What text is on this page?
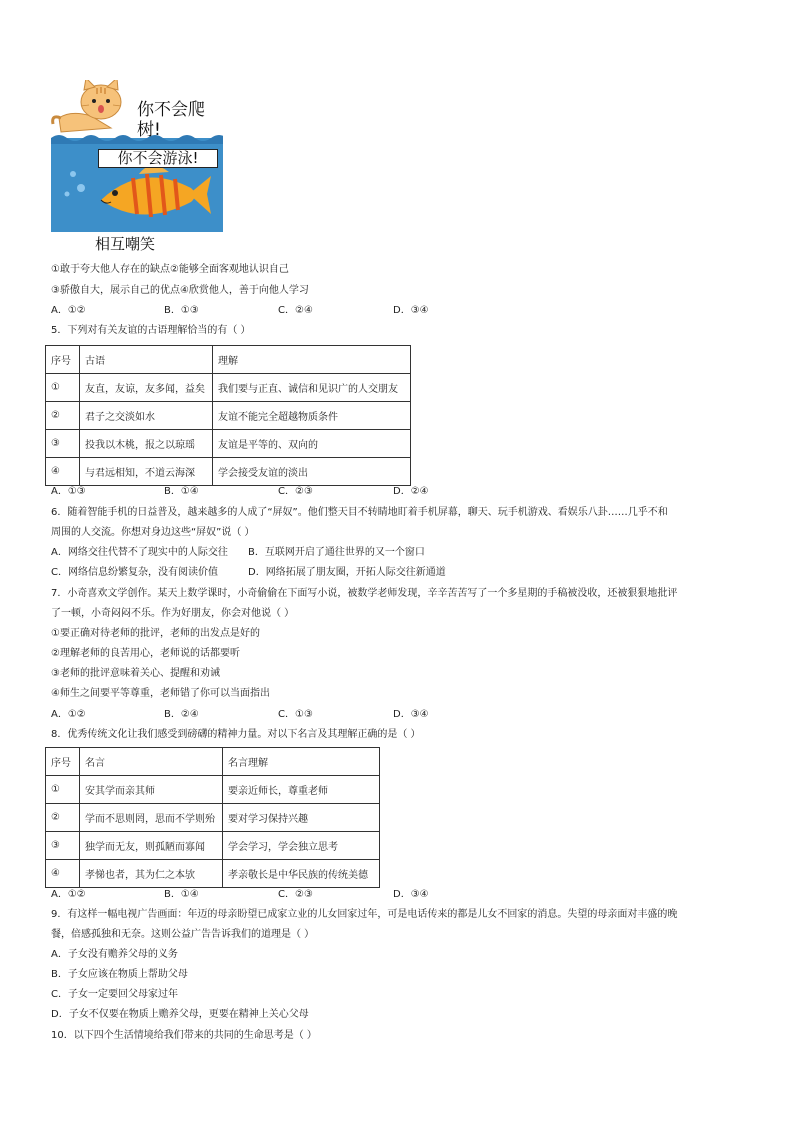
你不会爬树!
你不会游泳!
相互嘲笑
①敢于夸大他人存在的缺点②能够全面客观地认识自己
③骄傲自大，展示自己的优点④欣赏他人，善于向他人学习
A．①②	B．①③	C．②④	D．③④
5．下列对有关友谊的古语理解恰当的有（ ）
序号	古语	理解
①	友直，友谅，友多闻，益矣	我们要与正直、诚信和见识广的人交朋友
②	君子之交淡如水	友谊不能完全超越物质条件
③	投我以木桃，报之以琼瑶	友谊是平等的、双向的
④	与君远相知，不道云海深	学会接受友谊的淡出
A．①③	B．①④	C．②③	D．②④
6．随着智能手机的日益普及，越来越多的人成了“屏奴”。他们整天目不转睛地盯着手机屏幕，聊天、玩手机游戏、看娱乐八卦……几乎不和
周围的人交流。你想对身边这些“屏奴”说（ ）
A．网络交往代替不了现实中的人际交往 B．互联网开启了通往世界的又一个窗口
C．网络信息纷繁复杂，没有阅读价值	D．网络拓展了朋友圈，开拓人际交往新通道
7．小奇喜欢文学创作。某天上数学课时，小奇偷偷在下面写小说，被数学老师发现，辛辛苦苦写了一个多星期的手稿被没收，还被狠狠地批评
了一顿，小奇闷闷不乐。作为好朋友，你会对他说（ ）
①要正确对待老师的批评，老师的出发点是好的
②理解老师的良苦用心，老师说的话都要听
③老师的批评意味着关心、提醒和劝诫
④师生之间要平等尊重，老师错了你可以当面指出
A．①②	B．②④	C．①③	D．③④
8．优秀传统文化让我们感受到磅礴的精神力量。对以下名言及其理解正确的是（ ）
序号	名言	名言理解
①	安其学而亲其师	要亲近师长，尊重老师
②	学而不思则罔，思而不学则殆	要对学习保持兴趣
③	独学而无友，则孤陋而寡闻	学会学习，学会独立思考
④	孝悌也者，其为仁之本欤	孝亲敬长是中华民族的传统美德
A．①②	B．①④	C．②③	D．③④
9．有这样一幅电视广告画面：年迈的母亲盼望已成家立业的儿女回家过年，可是电话传来的都是儿女不回家的消息。失望的母亲面对丰盛的晚
餐，倍感孤独和无奈。这则公益广告告诉我们的道理是（ ）
A．子女没有赡养父母的义务
B．子女应该在物质上帮助父母
C．子女一定要回父母家过年
D．子女不仅要在物质上赡养父母，更要在精神上关心父母
10．以下四个生活情境给我们带来的共同的生命思考是（ ）
